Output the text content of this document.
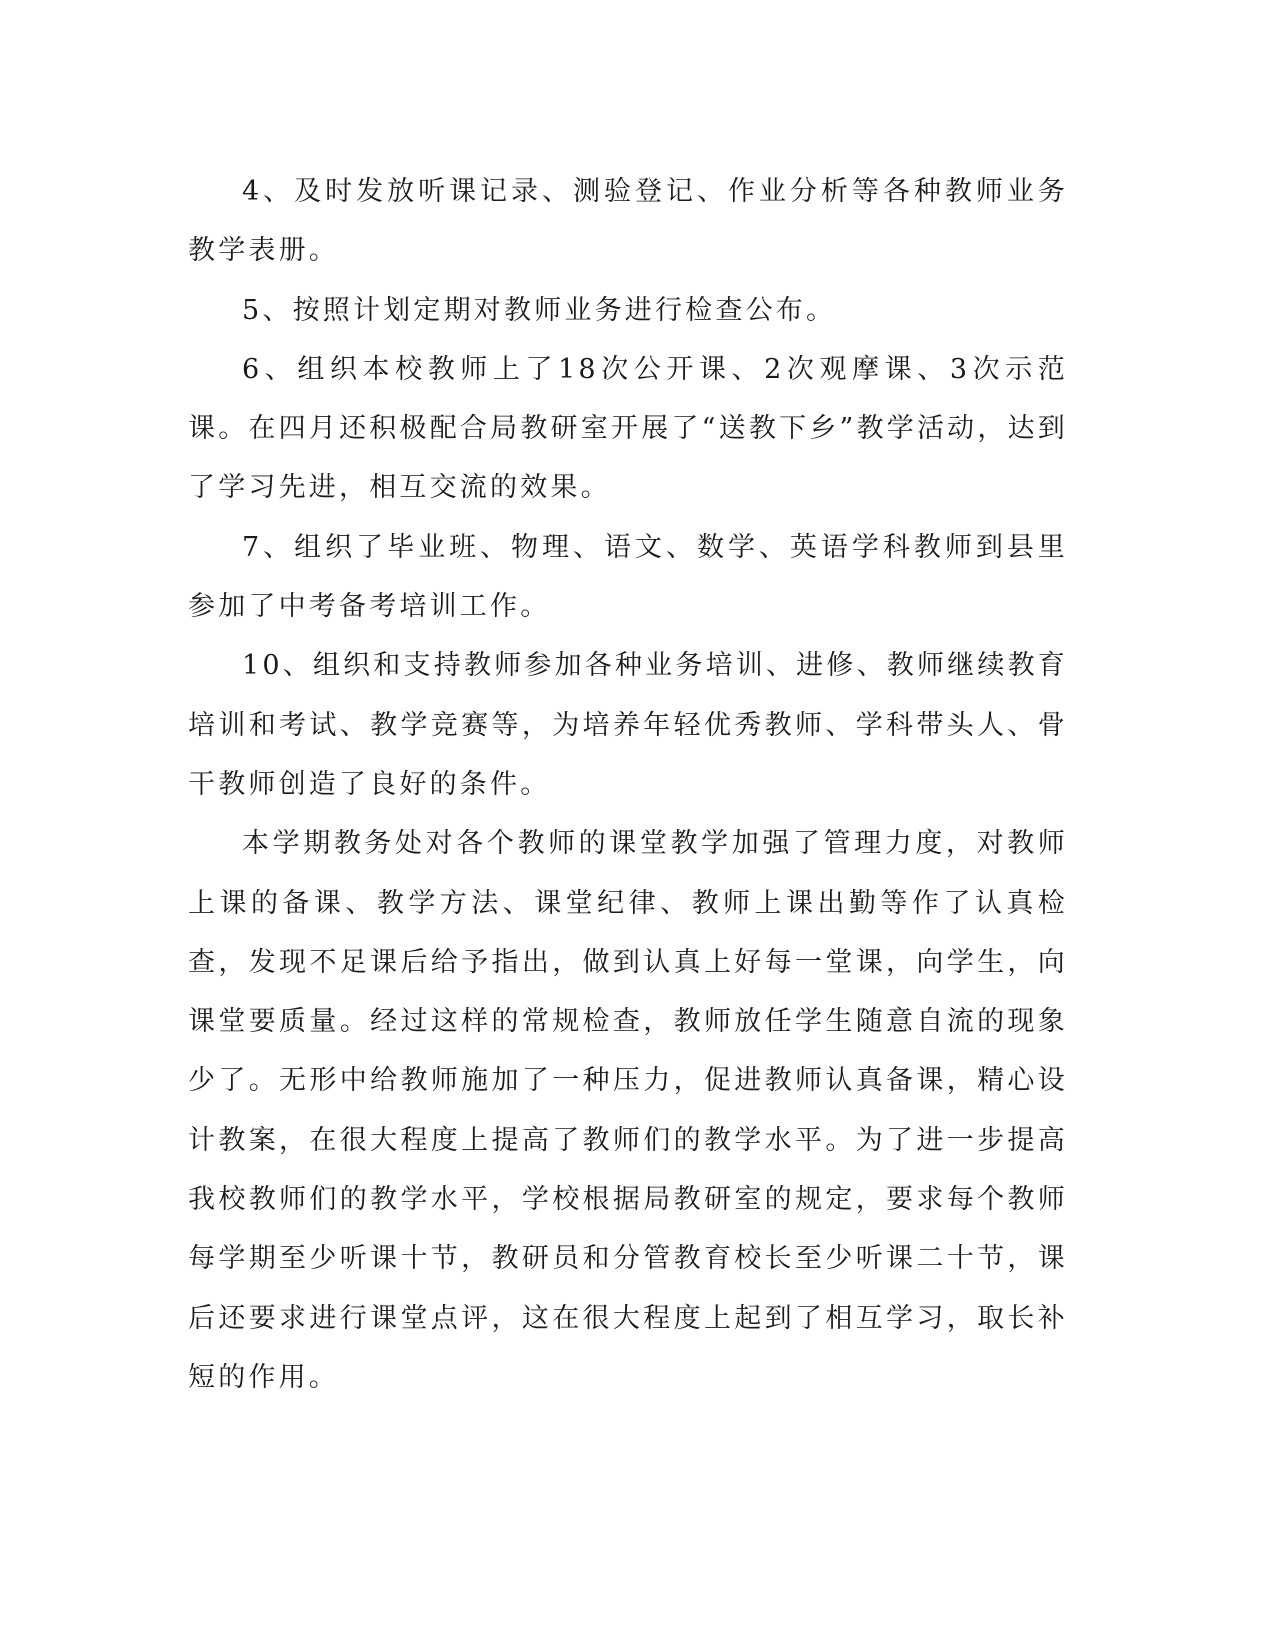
4、及时发放听课记录、测验登记、作业分析等各种教师业务教学表册。

5、按照计划定期对教师业务进行检查公布。

6、组织本校教师上了18次公开课、2次观摩课、3次示范课。在四月还积极配合局教研室开展了“送教下乡”教学活动，达到了学习先进，相互交流的效果。

7、组织了毕业班、物理、语文、数学、英语学科教师到县里参加了中考备考培训工作。

10、组织和支持教师参加各种业务培训、进修、教师继续教育培训和考试、教学竞赛等，为培养年轻优秀教师、学科带头人、骨干教师创造了良好的条件。

本学期教务处对各个教师的课堂教学加强了管理力度，对教师上课的备课、教学方法、课堂纪律、教师上课出勤等作了认真检查，发现不足课后给予指出，做到认真上好每一堂课，向学生，向课堂要质量。经过这样的常规检查，教师放任学生随意自流的现象少了。无形中给教师施加了一种压力，促进教师认真备课，精心设计教案，在很大程度上提高了教师们的教学水平。为了进一步提高我校教师们的教学水平，学校根据局教研室的规定，要求每个教师每学期至少听课十节，教研员和分管教育校长至少听课二十节，课后还要求进行课堂点评，这在很大程度上起到了相互学习，取长补短的作用。
